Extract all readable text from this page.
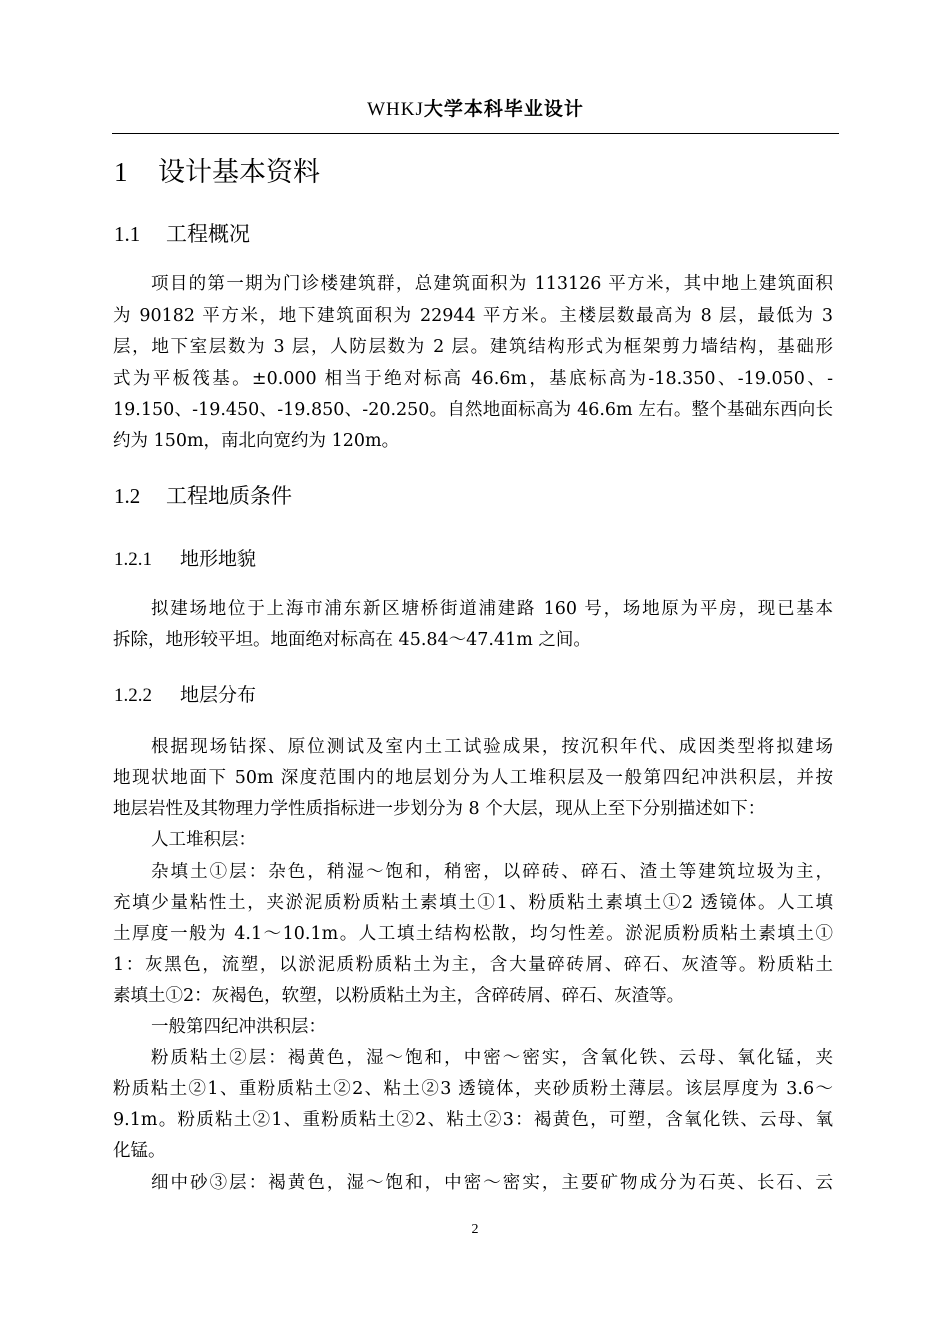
WHKJ大学本科毕业设计
1 设计基本资料
1.1 工程概况
项目的第一期为门诊楼建筑群，总建筑面积为 113126 平方米，其中地上建筑面积
为 90182 平方米，地下建筑面积为 22944 平方米。主楼层数最高为 8 层，最低为 3
层，地下室层数为 3 层，人防层数为 2 层。建筑结构形式为框架剪力墙结构，基础形
式为平板筏基。±0.000 相当于绝对标高 46.6m，基底标高为-18.350、-19.050、-
19.150、-19.450、-19.850、-20.250。自然地面标高为 46.6m 左右。整个基础东西向长
约为 150m，南北向宽约为 120m。
1.2 工程地质条件
1.2.1 地形地貌
拟建场地位于上海市浦东新区塘桥街道浦建路 160 号，场地原为平房，现已基本
拆除，地形较平坦。地面绝对标高在 45.84～47.41m 之间。
1.2.2 地层分布
根据现场钻探、原位测试及室内土工试验成果，按沉积年代、成因类型将拟建场
地现状地面下 50m 深度范围内的地层划分为人工堆积层及一般第四纪冲洪积层，并按
地层岩性及其物理力学性质指标进一步划分为 8 个大层，现从上至下分别描述如下：
人工堆积层：
杂填土①层：杂色，稍湿～饱和，稍密，以碎砖、碎石、渣土等建筑垃圾为主，
充填少量粘性土，夹淤泥质粉质粘土素填土①1、粉质粘土素填土①2 透镜体。人工填
土厚度一般为 4.1～10.1m。人工填土结构松散，均匀性差。淤泥质粉质粘土素填土①
1：灰黑色，流塑，以淤泥质粉质粘土为主，含大量碎砖屑、碎石、灰渣等。粉质粘土
素填土①2：灰褐色，软塑，以粉质粘土为主，含碎砖屑、碎石、灰渣等。
一般第四纪冲洪积层：
粉质粘土②层：褐黄色，湿～饱和，中密～密实，含氧化铁、云母、氧化锰，夹
粉质粘土②1、重粉质粘土②2、粘土②3 透镜体，夹砂质粉土薄层。该层厚度为 3.6～
9.1m。粉质粘土②1、重粉质粘土②2、粘土②3：褐黄色，可塑，含氧化铁、云母、氧
化锰。
细中砂③层：褐黄色，湿～饱和，中密～密实，主要矿物成分为石英、长石、云
2
